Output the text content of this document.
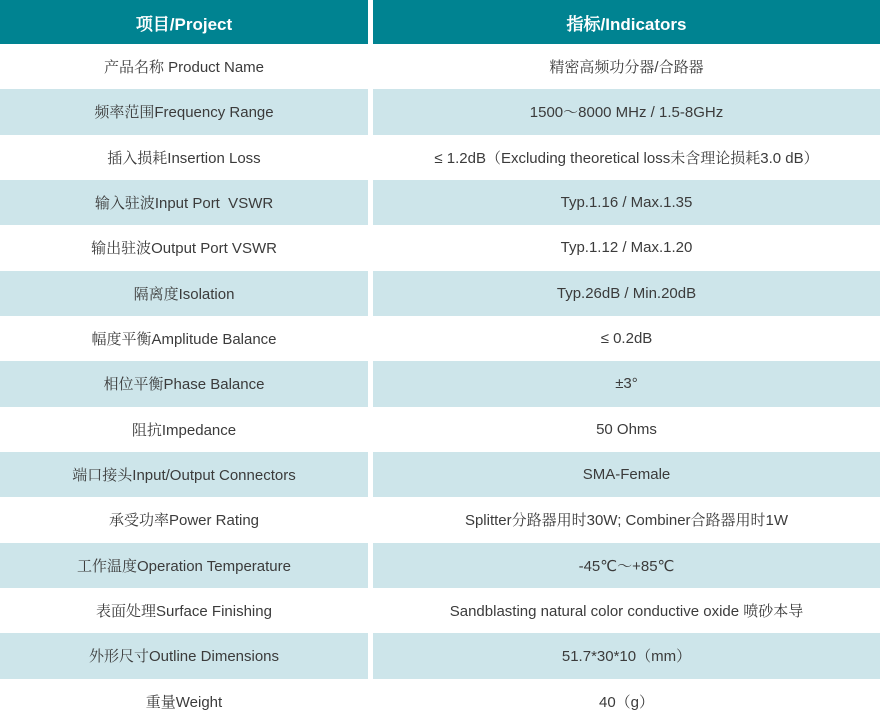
项目/Project	指标/Indicators
产品名称 Product Name	精密高频功分器/合路器
频率范围Frequency Range	1500～8000 MHz / 1.5-8GHz
插入损耗Insertion Loss	≤ 1.2dB（Excluding theoretical loss未含理论损耗3.0 dB）
输入驻波Input Port  VSWR	Typ.1.16 / Max.1.35
输出驻波Output Port VSWR	Typ.1.12 / Max.1.20
隔离度Isolation	Typ.26dB / Min.20dB
幅度平衡Amplitude Balance	≤ 0.2dB
相位平衡Phase Balance	±3°
阻抗Impedance	50 Ohms
端口接头Input/Output Connectors	SMA-Female
承受功率Power Rating	Splitter分路器用时30W; Combiner合路器用时1W
工作温度Operation Temperature	-45℃～+85℃
表面处理Surface Finishing	Sandblasting natural color conductive oxide 喷砂本导
外形尺寸Outline Dimensions	51.7*30*10（mm）
重量Weight	40（g）
